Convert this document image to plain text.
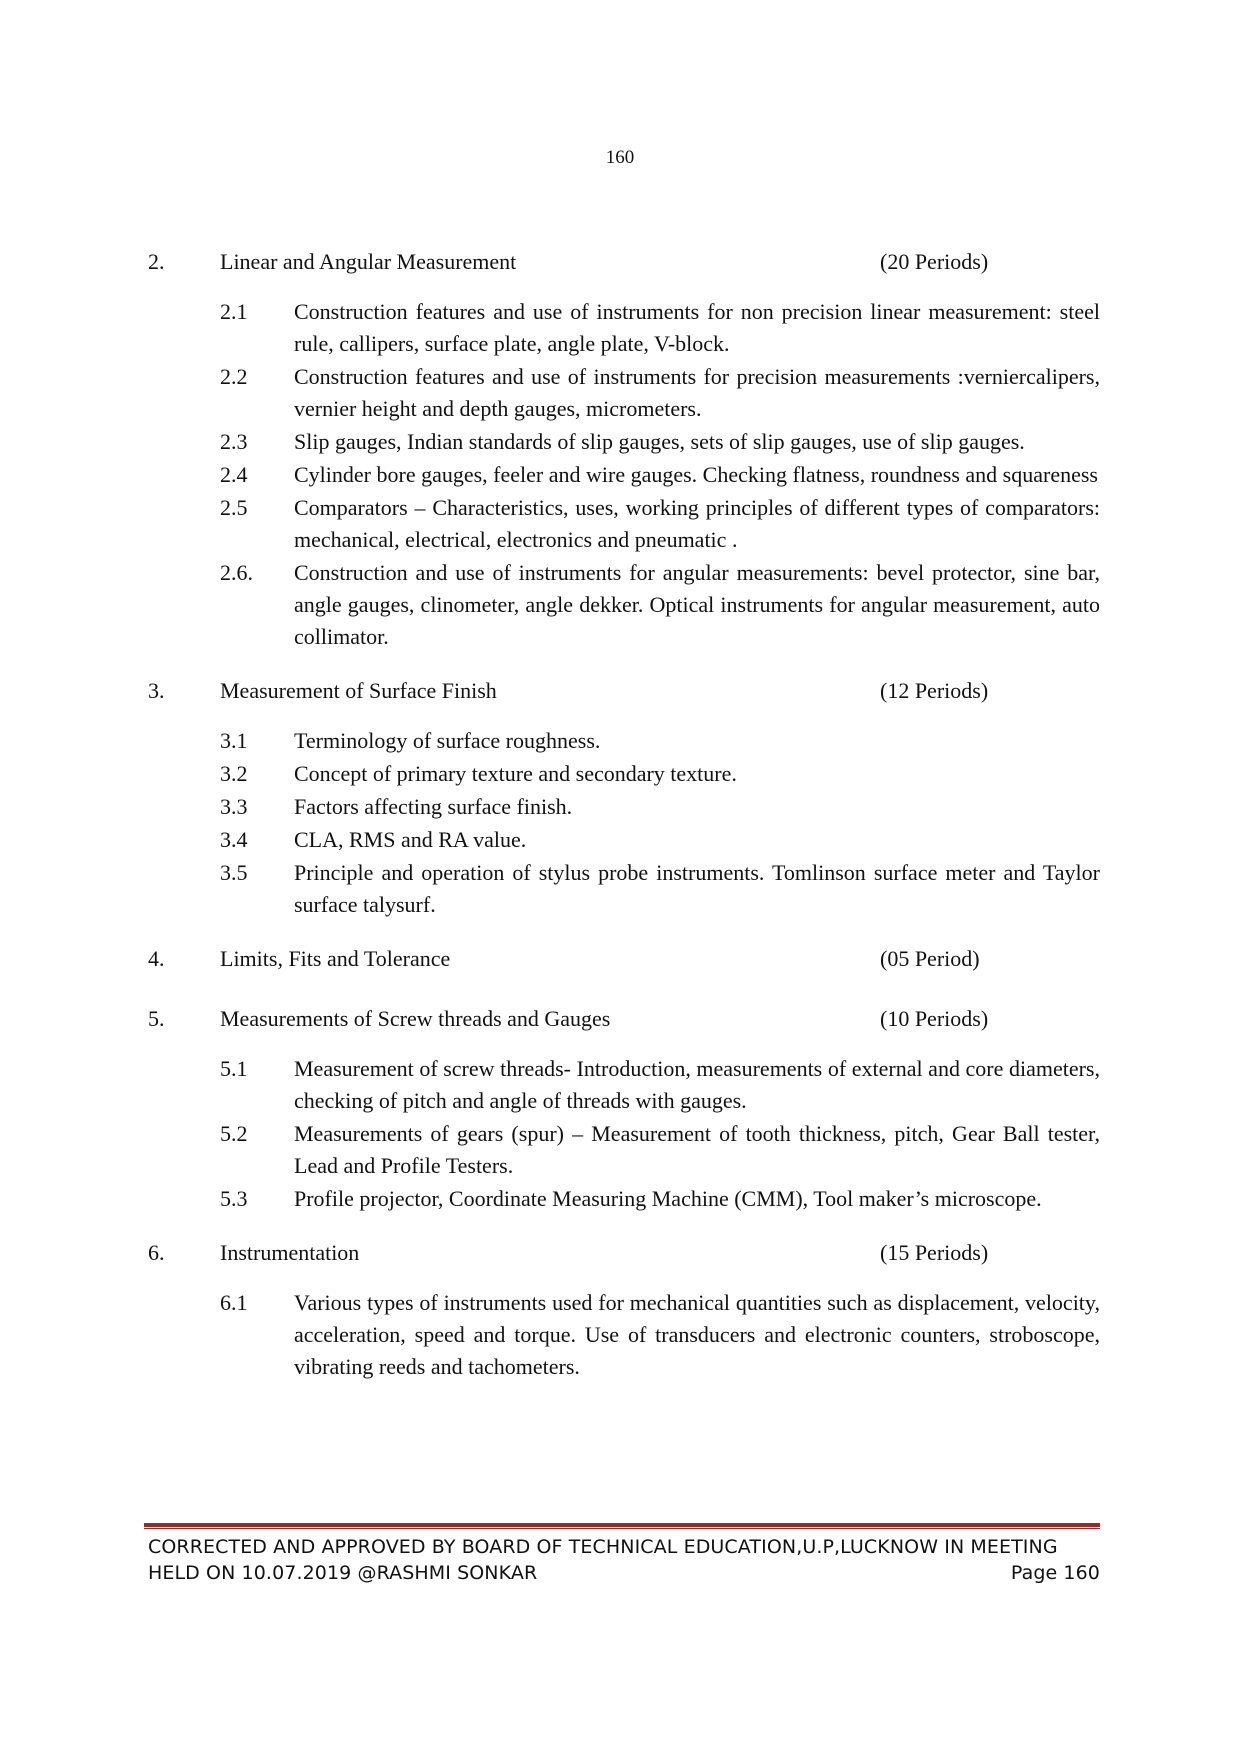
160
2.	Linear and Angular Measurement	(20 Periods)
2.1	Construction features and use of instruments for non precision linear measurement: steel rule, callipers, surface plate, angle plate, V-block.
2.2	Construction features and use of instruments for precision measurements :verniercalipers, vernier height and depth gauges, micrometers.
2.3	Slip gauges, Indian standards of slip gauges, sets of slip gauges, use of slip gauges.
2.4	Cylinder bore gauges, feeler and wire gauges. Checking flatness, roundness and squareness
2.5	Comparators – Characteristics, uses, working principles of different types of comparators: mechanical, electrical, electronics and pneumatic .
2.6.	Construction and use of instruments for angular measurements: bevel protector, sine bar, angle gauges, clinometer, angle dekker. Optical instruments for angular measurement, auto collimator.
3.	Measurement of Surface Finish	(12 Periods)
3.1	Terminology of surface roughness.
3.2	Concept of primary texture and secondary texture.
3.3	Factors affecting surface finish.
3.4	CLA, RMS and RA value.
3.5	Principle and operation of stylus probe instruments. Tomlinson surface meter and Taylor surface talysurf.
4.	Limits, Fits and Tolerance	(05 Period)
5.	Measurements of Screw threads and Gauges	(10 Periods)
5.1	Measurement of screw threads- Introduction, measurements of external and core diameters, checking of pitch and angle of threads with gauges.
5.2	Measurements of gears (spur) – Measurement of tooth thickness, pitch, Gear Ball tester, Lead and Profile Testers.
5.3	Profile projector, Coordinate Measuring Machine (CMM), Tool maker’s microscope.
6.	Instrumentation	(15 Periods)
6.1	Various types of instruments used for mechanical quantities such as displacement, velocity, acceleration, speed and torque. Use of transducers and electronic counters, stroboscope, vibrating reeds and tachometers.
CORRECTED AND APPROVED BY BOARD OF TECHNICAL EDUCATION,U.P,LUCKNOW IN MEETING
HELD ON 10.07.2019 @RASHMI SONKAR	Page 160
